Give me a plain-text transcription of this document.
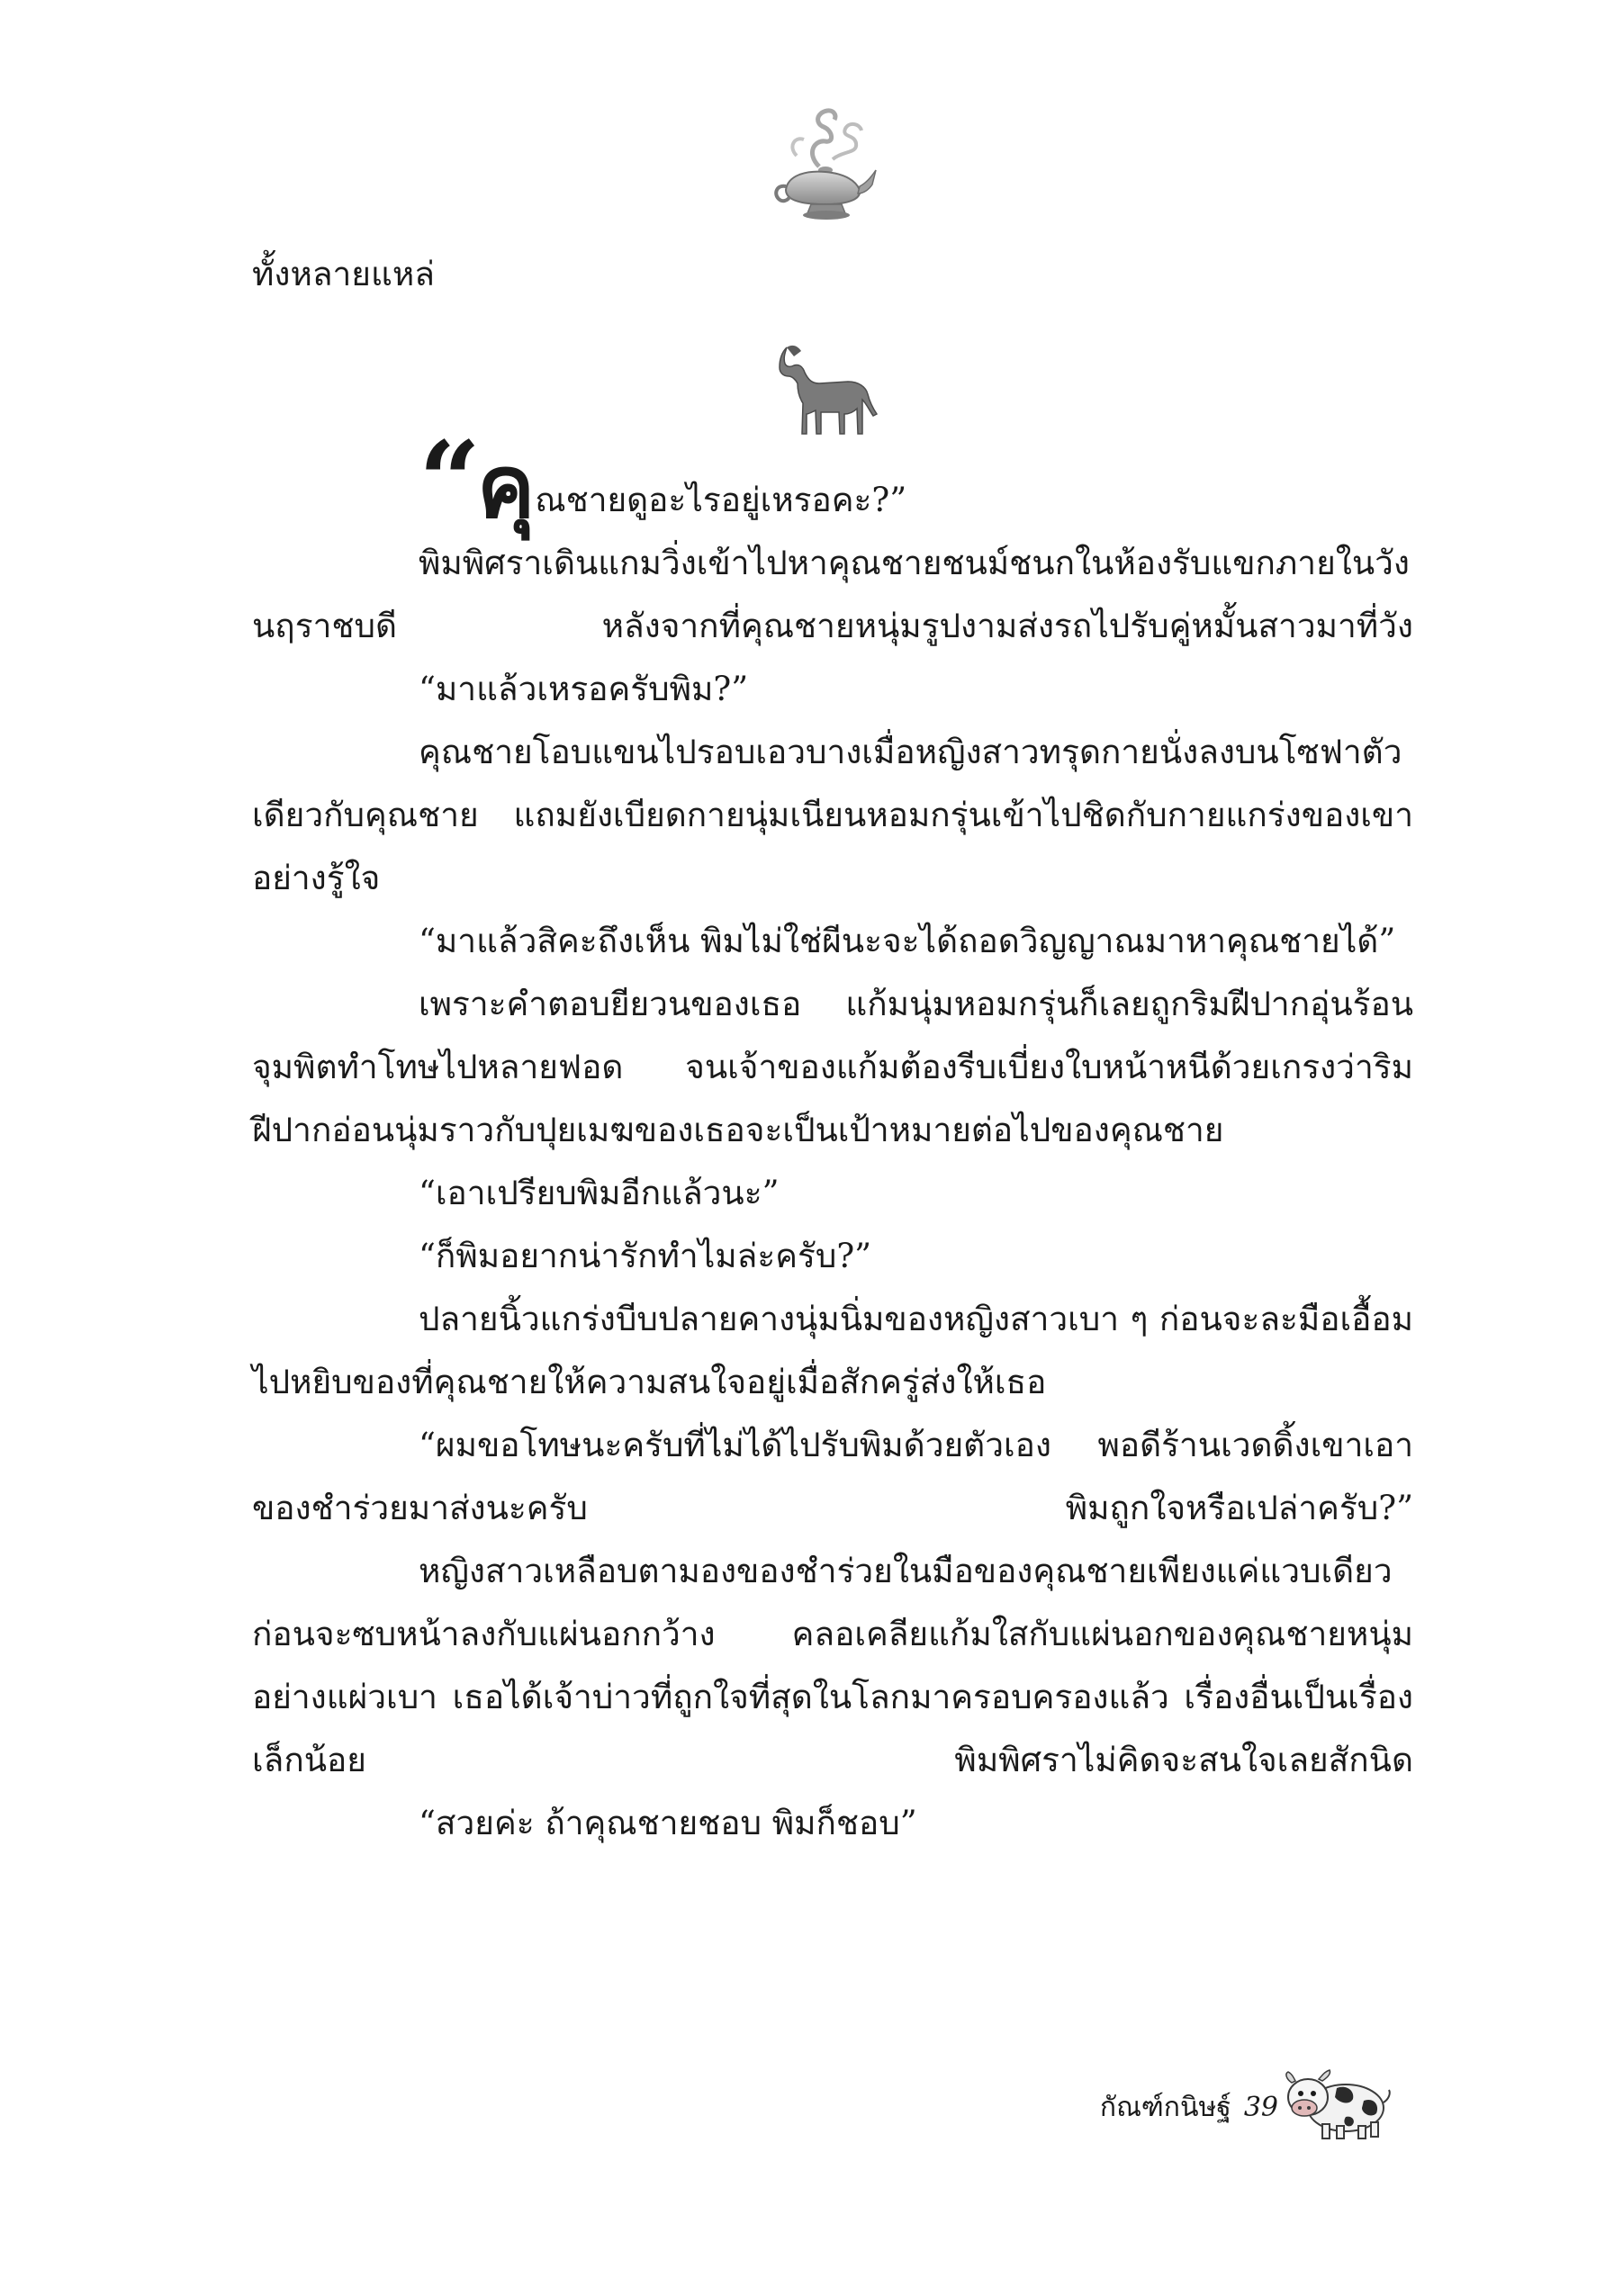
ทั้งหลายแหล่

“คุณชายดูอะไรอยู่เหรอคะ?”

พิมพิศราเดินแกมวิ่งเข้าไปหาคุณชายชนม์ชนกในห้องรับแขกภายในวังนฤราชบดี หลังจากที่คุณชายหนุ่มรูปงามส่งรถไปรับคู่หมั้นสาวมาที่วัง

“มาแล้วเหรอครับพิม?”

คุณชายโอบแขนไปรอบเอวบางเมื่อหญิงสาวทรุดกายนั่งลงบนโซฟาตัวเดียวกับคุณชาย แถมยังเบียดกายนุ่มเนียนหอมกรุ่นเข้าไปชิดกับกายแกร่งของเขาอย่างรู้ใจ

“มาแล้วสิคะถึงเห็น พิมไม่ใช่ผีนะจะได้ถอดวิญญาณมาหาคุณชายได้”

เพราะคำตอบยียวนของเธอ แก้มนุ่มหอมกรุ่นก็เลยถูกริมฝีปากอุ่นร้อนจุมพิตทำโทษไปหลายฟอด จนเจ้าของแก้มต้องรีบเบี่ยงใบหน้าหนีด้วยเกรงว่าริมฝีปากอ่อนนุ่มราวกับปุยเมฆของเธอจะเป็นเป้าหมายต่อไปของคุณชาย

“เอาเปรียบพิมอีกแล้วนะ”

“ก็พิมอยากน่ารักทำไมล่ะครับ?”

ปลายนิ้วแกร่งบีบปลายคางนุ่มนิ่มของหญิงสาวเบา ๆ ก่อนจะละมือเอื้อมไปหยิบของที่คุณชายให้ความสนใจอยู่เมื่อสักครู่ส่งให้เธอ

“ผมขอโทษนะครับที่ไม่ได้ไปรับพิมด้วยตัวเอง พอดีร้านเวดดิ้งเขาเอาของชำร่วยมาส่งนะครับ พิมถูกใจหรือเปล่าครับ?”

หญิงสาวเหลือบตามองของชำร่วยในมือของคุณชายเพียงแค่แวบเดียว ก่อนจะซบหน้าลงกับแผ่นอกกว้าง คลอเคลียแก้มใสกับแผ่นอกของคุณชายหนุ่มอย่างแผ่วเบา เธอได้เจ้าบ่าวที่ถูกใจที่สุดในโลกมาครอบครองแล้ว เรื่องอื่นเป็นเรื่องเล็กน้อย พิมพิศราไม่คิดจะสนใจเลยสักนิด

“สวยค่ะ ถ้าคุณชายชอบ พิมก็ชอบ”

กัณฑ์กนิษฐ์ 39
